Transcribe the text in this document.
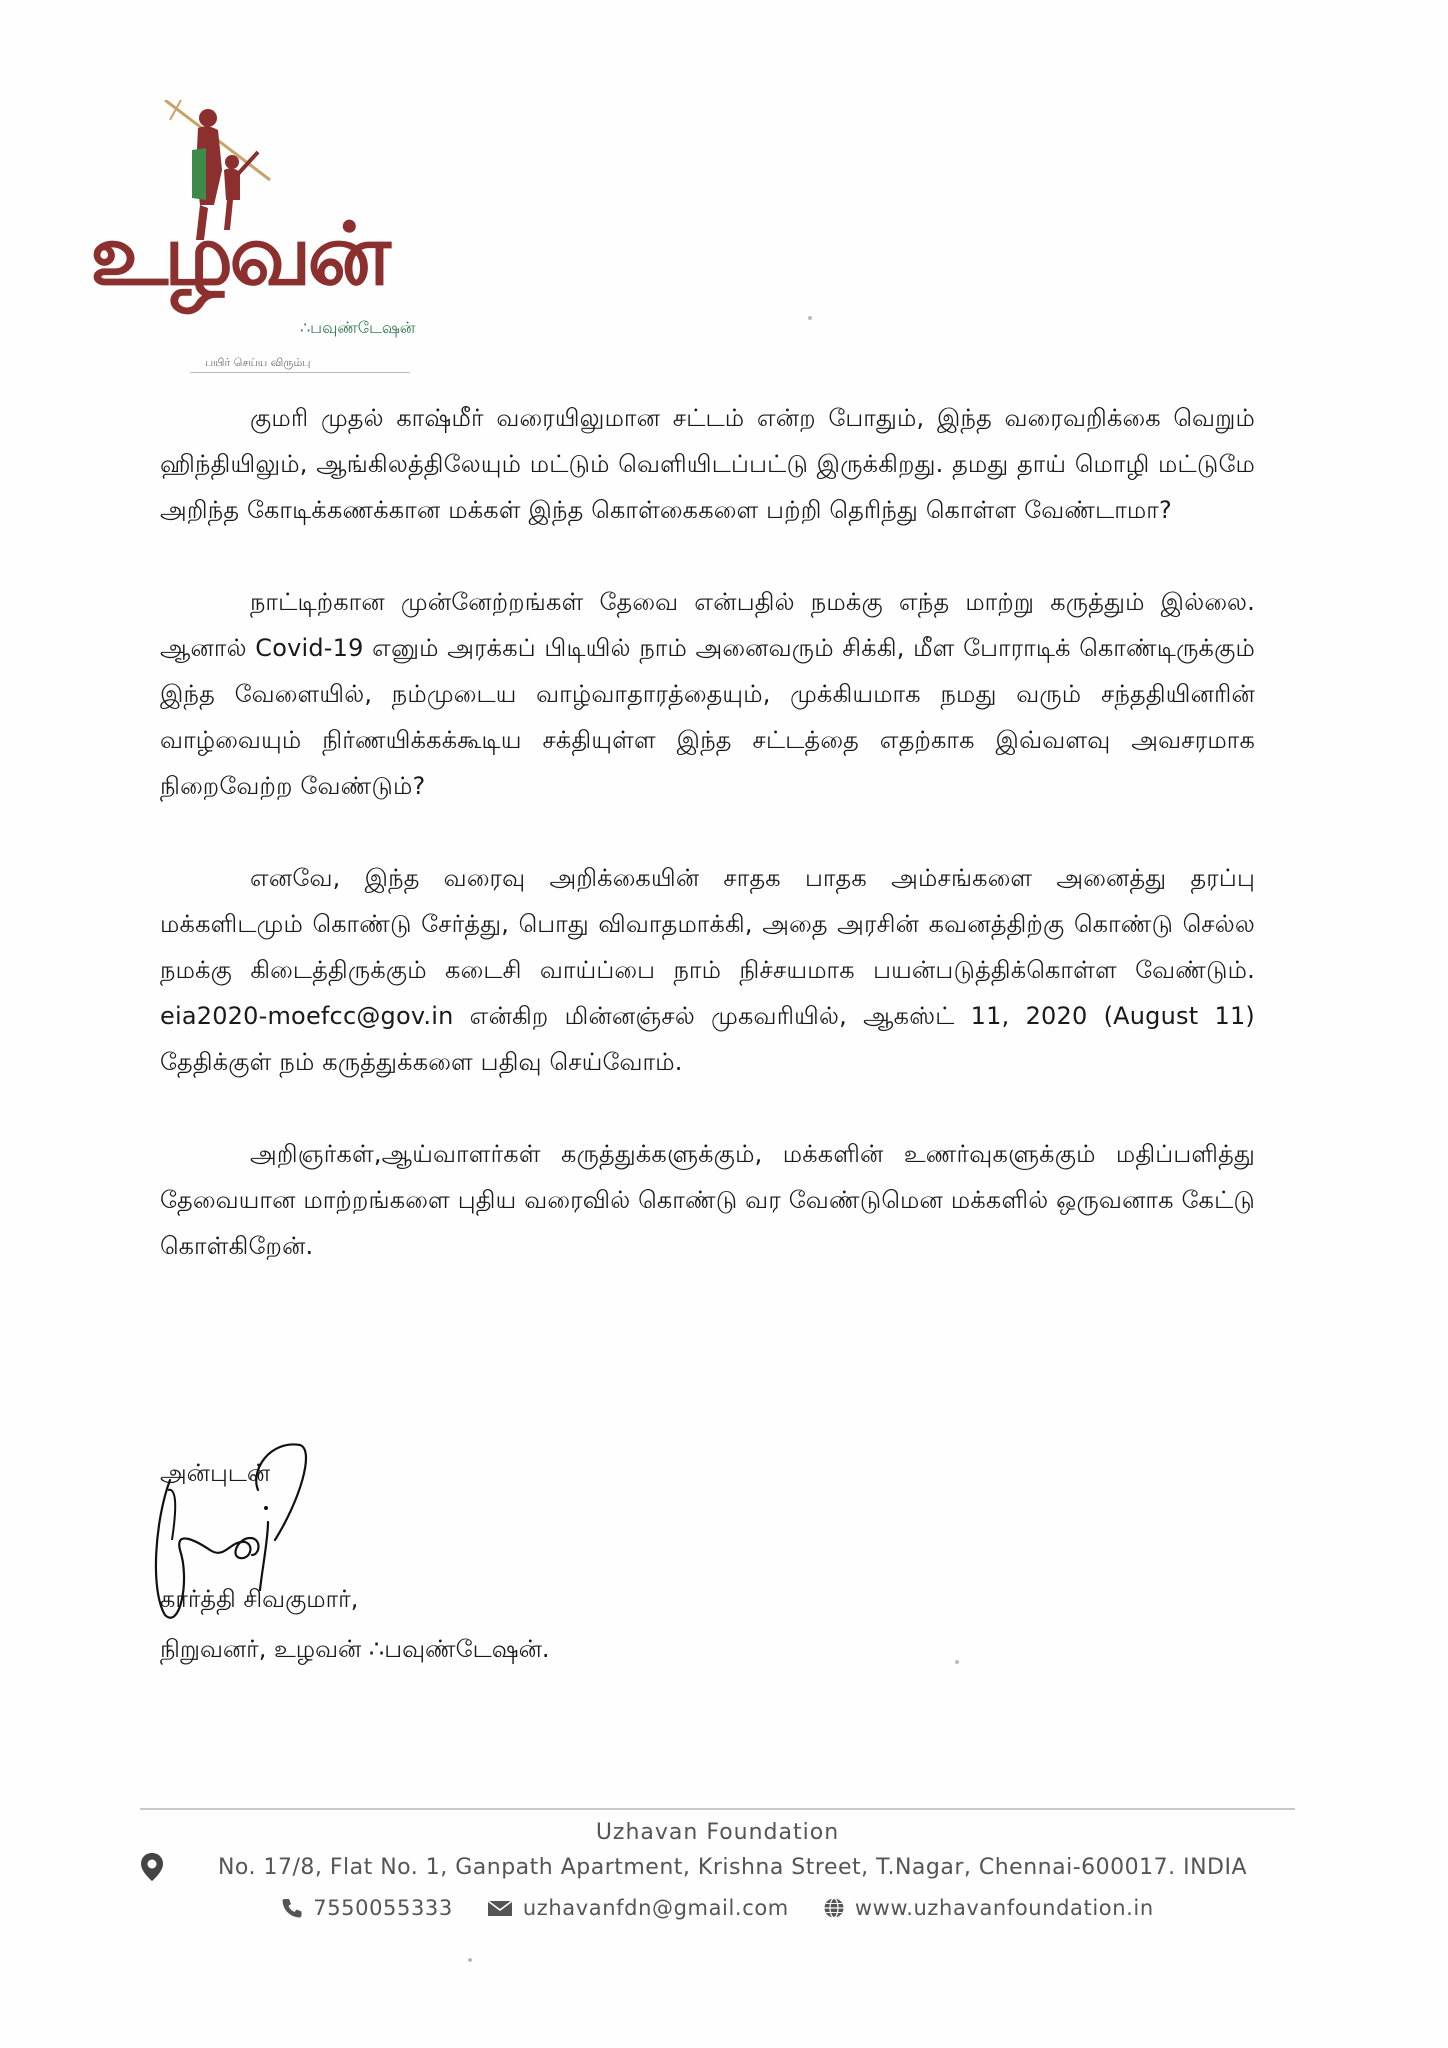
உழவன்
∴பவுண்டேஷன்
பயிர் செய்ய விரும்பு

குமரி முதல் காஷ்மீர் வரையிலுமான சட்டம் என்ற போதும், இந்த வரைவறிக்கை வெறும் ஹிந்தியிலும், ஆங்கிலத்திலேயும் மட்டும் வெளியிடப்பட்டு இருக்கிறது. தமது தாய் மொழி மட்டுமே அறிந்த கோடிக்கணக்கான மக்கள் இந்த கொள்கைகளை பற்றி தெரிந்து கொள்ள வேண்டாமா?

நாட்டிற்கான முன்னேற்றங்கள் தேவை என்பதில் நமக்கு எந்த மாற்று கருத்தும் இல்லை. ஆனால் Covid-19 எனும் அரக்கப் பிடியில் நாம் அனைவரும் சிக்கி, மீள போராடிக் கொண்டிருக்கும் இந்த வேளையில், நம்முடைய வாழ்வாதாரத்தையும், முக்கியமாக நமது வரும் சந்ததியினரின் வாழ்வையும் நிர்ணயிக்கக்கூடிய சக்தியுள்ள இந்த சட்டத்தை எதற்காக இவ்வளவு அவசரமாக நிறைவேற்ற வேண்டும்?

எனவே, இந்த வரைவு அறிக்கையின் சாதக பாதக அம்சங்களை அனைத்து தரப்பு மக்களிடமும் கொண்டு சேர்த்து, பொது விவாதமாக்கி, அதை அரசின் கவனத்திற்கு கொண்டு செல்ல நமக்கு கிடைத்திருக்கும் கடைசி வாய்ப்பை நாம் நிச்சயமாக பயன்படுத்திக்கொள்ள வேண்டும். eia2020-moefcc@gov.in என்கிற மின்னஞ்சல் முகவரியில், ஆகஸ்ட் 11, 2020 (August 11) தேதிக்குள் நம் கருத்துக்களை பதிவு செய்வோம்.

அறிஞர்கள்,ஆய்வாளர்கள் கருத்துக்களுக்கும், மக்களின் உணர்வுகளுக்கும் மதிப்பளித்து தேவையான மாற்றங்களை புதிய வரைவில் கொண்டு வர வேண்டுமென மக்களில் ஒருவனாக கேட்டு கொள்கிறேன்.

அன்புடன்
கார்த்தி சிவகுமார்,
நிறுவனர், உழவன் ∴பவுண்டேஷன்.
Uzhavan Foundation
No. 17/8, Flat No. 1, Ganpath Apartment, Krishna Street, T.Nagar, Chennai-600017. INDIA
7550055333	uzhavanfdn@gmail.com	www.uzhavanfoundation.in
